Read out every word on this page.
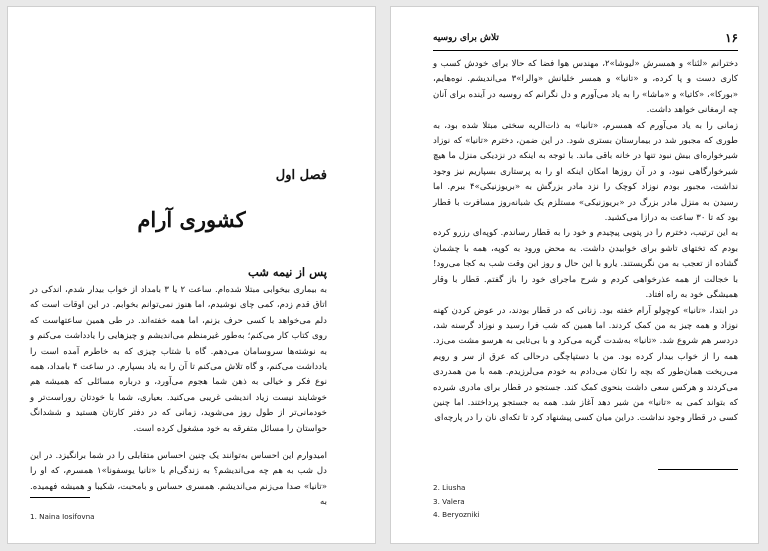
فصل اول
کشوری آرام
پس از نیمه شب

به بیماری بیخوابی مبتلا شده‌ام. ساعت ۲ یا ۳ بامداد از خواب بیدار شدم، اندکی در اتاق قدم زدم، کمی چای نوشیدم، اما هنوز نمی‌توانم بخوابم. در این اوقات است که دلم می‌خواهد با کسی حرف بزنم، اما همه خفته‌اند. در طی همین ساعتهاست که روی کتاب کار می‌کنم؛ به‌طور غیرمنظم می‌اندیشم و چیزهایی را یادداشت می‌کنم و به نوشته‌ها سروسامان می‌دهم. گاه با شتاب چیزی که به خاطرم آمده است را یادداشت می‌کنم، و گاه تلاش می‌کنم تا آن را به یاد بسپارم. در ساعت ۴ بامداد، همه نوع فکر و خیالی به ذهن شما هجوم می‌آورد، و درباره مسائلی که همیشه هم خوشایند نیست زیاد اندیشی غریبی می‌کنید. بعیاری، شما با خودتان روراست‌تر و خودمانی‌تر از طول روز می‌شوید، زمانی که در دفتر کارتان هستید و ششدانگ حواستان را مسائل متفرقه به خود مشغول کرده است.

امیدوارم این احساس به‌توانند یک چنین احساس متقابلی را در شما برانگیزد. در این دل شب به هم چه می‌اندیشم؟ به زندگی‌ام با «تانیا یوسفونا»۱ همسرم، که او را «تانیا» صدا می‌زنم می‌اندیشم. همسری حساس و بامحبت، شکیبا و همیشه فهمیده. به

1. Naina Iosifovna
۱۶
تلاش برای روسیه

دخترانم «لئنا» و همسرش «لیوشا»۲، مهندس هوا فضا که حالا برای خودش کسب و کاری دست و پا کرده، و «تانیا» و همسر خلبانش «والرا»۳ می‌اندیشم. نوه‌هایم، «بورکا»، «کاتیا» و «ماشا» را به یاد می‌آورم و دل نگرانم که روسیه در آینده برای آنان چه ارمغانی خواهد داشت.

زمانی را به یاد می‌آورم که همسرم، «تانیا» به ذات‌الریه سختی مبتلا شده بود، به طوری که مجبور شد در بیمارستان بستری شود. در این ضمن، دخترم «تانیا» که نوزاد شیرخواره‌ای بیش نبود تنها در خانه باقی ماند. با توجه به اینکه در نزدیکی منزل ما هیچ شیرخوارگاهی نبود، و در آن روزها امکان اینکه او را به پرستاری بسپاریم نیز وجود نداشت، مجبور بودم نوزاد کوچک را نزد مادر بزرگش به «بریوزنیکی»۴ ببرم. اما رسیدن به منزل مادر بزرگ در «بریوزنیکی» مستلزم یک شبانه‌روز مسافرت با قطار بود که تا ۳۰ ساعت به درازا می‌کشید.

به این ترتیب، دخترم را در پتویی پیچیدم و خود را به قطار رساندم. کوپه‌ای رزرو کرده بودم که تختهای تاشو برای خوابیدن داشت. به محض ورود به کوپه، همه با چشمان گشاده از تعجب به من نگریستند. یارو با این حال و روز این وقت شب به کجا می‌رود! با خجالت از همه عذرخواهی کردم و شرح ماجرای خود را باز گفتم. قطار با وقار همیشگی خود به راه افتاد.

در ابتدا، «تانیا» کوچولو آرام خفته بود. زنانی که در قطار بودند، در عوض کردن کهنه نوزاد و همه چیز به من کمک کردند. اما همین که شب فرا رسید و نوزاد گرسنه شد، دردسر هم شروع شد. «تانیا» به‌شدت گریه می‌کرد و با بی‌تابی به هرسو مشت می‌زد. همه را از خواب بیدار کرده بود. من با دستپاچگی درحالی که عرق از سر و رویم می‌ریخت همان‌طور که بچه را تکان می‌دادم به خودم می‌لرزیدم. همه با من همدردی می‌کردند و هرکس سعی داشت بنحوی کمک کند. جستجو در قطار برای مادری شیرده که بتواند کمی به «تانیا» من شیر دهد آغاز شد. همه به جستجو پرداختند. اما چنین کسی در قطار وجود نداشت. دراین میان کسی پیشنهاد کرد تا تکه‌ای نان را در پارچه‌ای

2. Liusha
3. Valera
4. Beryozniki
